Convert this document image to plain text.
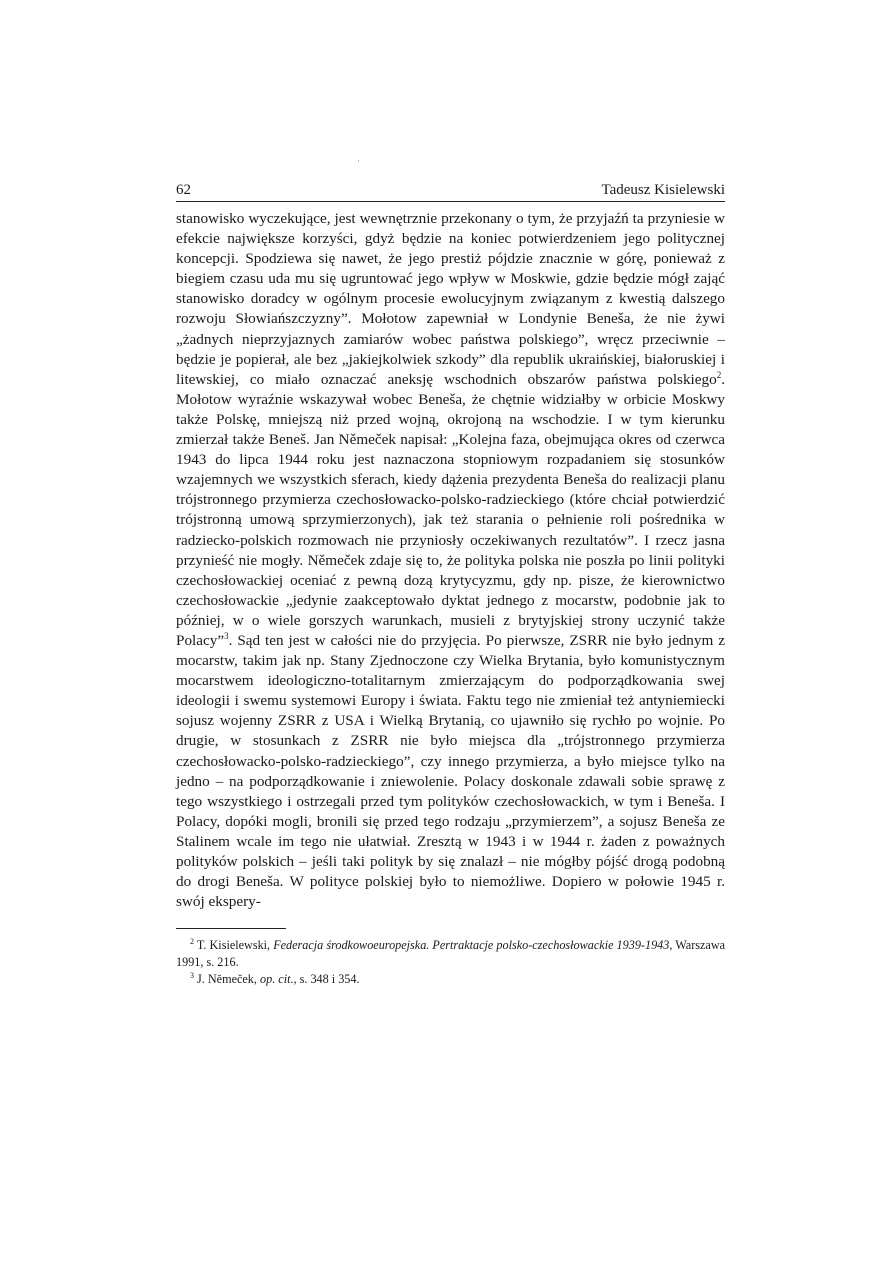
62	Tadeusz Kisielewski

stanowisko wyczekujące, jest wewnętrznie przekonany o tym, że przyjaźń ta przyniesie w efekcie największe korzyści, gdyż będzie na koniec potwierdzeniem jego politycznej koncepcji. Spodziewa się nawet, że jego prestiż pójdzie znacznie w górę, ponieważ z biegiem czasu uda mu się ugruntować jego wpływ w Moskwie, gdzie będzie mógł zająć stanowisko doradcy w ogólnym procesie ewolucyjnym związanym z kwestią dalszego rozwoju Słowiańszczyzny”. Mołotow zapewniał w Londynie Beneša, że nie żywi „żadnych nieprzyjaznych zamiarów wobec państwa polskiego”, wręcz przeciwnie – będzie je popierał, ale bez „jakiejkolwiek szkody” dla republik ukraińskiej, białoruskiej i litewskiej, co miało oznaczać aneksję wschodnich obszarów państwa polskiego$^2$. Mołotow wyraźnie wskazywał wobec Beneša, że chętnie widziałby w orbicie Moskwy także Polskę, mniejszą niż przed wojną, okrojoną na wschodzie. I w tym kierunku zmierzał także Beneš. Jan Němeček napisał: „Kolejna faza, obejmująca okres od czerwca 1943 do lipca 1944 roku jest naznaczona stopniowym rozpadaniem się stosunków wzajemnych we wszystkich sferach, kiedy dążenia prezydenta Beneša do realizacji planu trójstronnego przymierza czechosłowacko-polsko-radzieckiego (które chciał potwierdzić trójstronną umową sprzymierzonych), jak też starania o pełnienie roli pośrednika w radziecko-polskich rozmowach nie przyniosły oczekiwanych rezultatów”. I rzecz jasna przynieść nie mogły. Němeček zdaje się to, że polityka polska nie poszła po linii polityki czechosłowackiej oceniać z pewną dozą krytycyzmu, gdy np. pisze, że kierownictwo czechosłowackie „jedynie zaakceptowało dyktat jednego z mocarstw, podobnie jak to później, w o wiele gorszych warunkach, musieli z brytyjskiej strony uczynić także Polacy”$^3$. Sąd ten jest w całości nie do przyjęcia. Po pierwsze, ZSRR nie było jednym z mocarstw, takim jak np. Stany Zjednoczone czy Wielka Brytania, było komunistycznym mocarstwem ideologiczno-totalitarnym zmierzającym do podporządkowania swej ideologii i swemu systemowi Europy i świata. Faktu tego nie zmieniał też antyniemiecki sojusz wojenny ZSRR z USA i Wielką Brytanią, co ujawniło się rychło po wojnie. Po drugie, w stosunkach z ZSRR nie było miejsca dla „trójstronnego przymierza czechosłowacko-polsko-radzieckiego”, czy innego przymierza, a było miejsce tylko na jedno – na podporządkowanie i zniewolenie. Polacy doskonale zdawali sobie sprawę z tego wszystkiego i ostrzegali przed tym polityków czechosłowackich, w tym i Beneša. I Polacy, dopóki mogli, bronili się przed tego rodzaju „przymierzem”, a sojusz Beneša ze Stalinem wcale im tego nie ułatwiał. Zresztą w 1943 i w 1944 r. żaden z poważnych polityków polskich – jeśli taki polityk by się znalazł – nie mógłby pójść drogą podobną do drogi Beneša. W polityce polskiej było to niemożliwe. Dopiero w połowie 1945 r. swój ekspery-

$^2$ T. Kisielewski, Federacja środkowoeuropejska. Pertraktacje polsko-czechosłowackie 1939-1943, Warszawa 1991, s. 216.

$^3$ J. Němeček, op. cit., s. 348 i 354.
